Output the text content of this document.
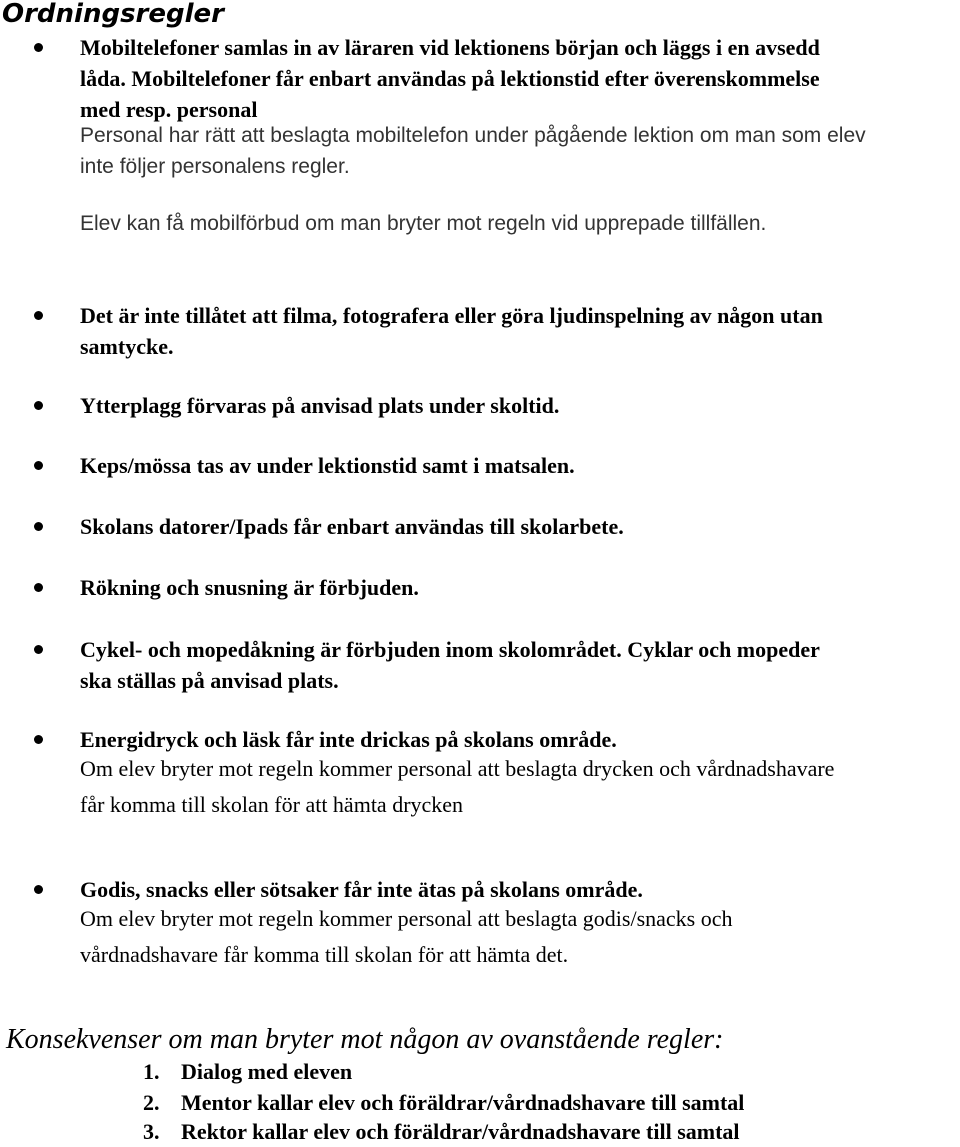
Ordningsregler
Mobiltelefoner samlas in av läraren vid lektionens början och läggs i en avsedd
låda. Mobiltelefoner får enbart användas på lektionstid efter överenskommelse
med resp. personal
Personal har rätt att beslagta mobiltelefon under pågående lektion om man som elev
inte följer personalens regler.
Elev kan få mobilförbud om man bryter mot regeln vid upprepade tillfällen.
Det är inte tillåtet att filma, fotografera eller göra ljudinspelning av någon utan
samtycke.
Ytterplagg förvaras på anvisad plats under skoltid.
Keps/mössa tas av under lektionstid samt i matsalen.
Skolans datorer/Ipads får enbart användas till skolarbete.
Rökning och snusning är förbjuden.
Cykel- och mopedåkning är förbjuden inom skolområdet. Cyklar och mopeder
ska ställas på anvisad plats.
Energidryck och läsk får inte drickas på skolans område.
Om elev bryter mot regeln kommer personal att beslagta drycken och vårdnadshavare
får komma till skolan för att hämta drycken
Godis, snacks eller sötsaker får inte ätas på skolans område.
Om elev bryter mot regeln kommer personal att beslagta godis/snacks och
vårdnadshavare får komma till skolan för att hämta det.
Konsekvenser om man bryter mot någon av ovanstående regler:
1. Dialog med eleven
2. Mentor kallar elev och föräldrar/vårdnadshavare till samtal
3. Rektor kallar elev och föräldrar/vårdnadshavare till samtal
